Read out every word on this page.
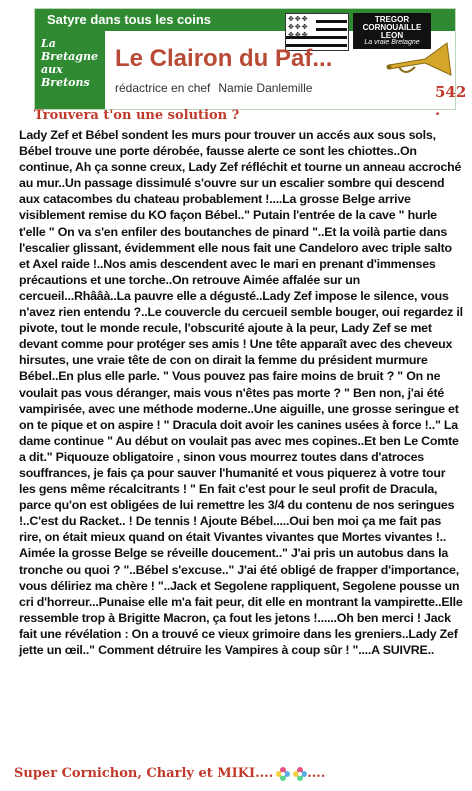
Satyre dans tous les coins
La
Bretagne
aux
Bretons
✥✥✥
✥✥✥

TREGOR
CORNOUAILLE
LEON
La vraie Bretagne
Le Clairon du Paf...
rédactrice en chef Namie Danlemille	542 .
Trouvera t'on une solution ?
Lady Zef et Bébel sondent les murs pour trouver un accés aux sous sols, Bébel trouve une porte dérobée, fausse alerte ce sont les chiottes..On continue, Ah ça sonne creux, Lady Zef réfléchit et tourne un anneau accroché au mur..Un passage dissimulé s'ouvre sur un escalier sombre qui descend aux catacombes du chateau probablement !....La grosse Belge arrive visiblement remise du KO façon Bébel.." Putain l'entrée de la cave " hurle t'elle " On va s'en enfiler des boutanches de pinard "..Et la voilà partie dans l'escalier glissant, évidemment elle nous fait une Candeloro avec triple salto et Axel raide !..Nos amis descendent avec le mari en prenant d'immenses précautions et une torche..On retrouve Aimée affalée sur un cercueil...Rhââà..La pauvre elle a dégusté..Lady Zef impose le silence, vous n'avez rien entendu ?..Le couvercle du cercueil semble bouger, oui regardez il pivote, tout le monde recule, l'obscurité ajoute à la peur, Lady Zef se met devant comme pour protéger ses amis ! Une tête apparaît avec des cheveux hirsutes, une vraie tête de con on dirait la femme du président murmure Bébel..En plus elle parle. " Vous pouvez pas faire moins de bruit ? " On ne voulait pas vous déranger, mais vous n'êtes pas morte ? " Ben non, j'ai été vampirisée, avec une méthode moderne..Une aiguille, une grosse seringue et on te pique et on aspire ! " Dracula doit avoir les canines usées à force !.." La dame continue " Au début on voulait pas avec mes copines..Et ben Le Comte a dit." Piquouze obligatoire , sinon vous mourrez toutes dans d'atroces souffrances, je fais ça pour sauver l'humanité et vous piquerez à votre tour les gens même récalcitrants ! " En fait c'est pour le seul profit de Dracula, parce qu'on est obligées de lui remettre les 3/4 du contenu de nos seringues !..C'est du Racket.. ! De tennis ! Ajoute Bébel.....Oui ben moi ça me fait pas rire, on était mieux quand on était Vivantes vivantes que Mortes vivantes !.. Aimée la grosse Belge se réveille doucement.." J'ai pris un autobus dans la tronche ou quoi ? "..Bébel s'excuse.." J'ai été obligé de frapper d'importance, vous déliriez ma chère ! "..Jack et Segolene rappliquent, Segolene pousse un cri d'horreur...Punaise elle m'a fait peur, dit elle en montrant la vampirette..Elle ressemble trop à Brigitte Macron, ça fout les jetons !......Oh ben merci ! Jack fait une révélation : On a trouvé ce vieux grimoire dans les greniers..Lady Zef jette un œil.." Comment détruire les Vampires à coup sûr ! "....A SUIVRE..
Super Cornichon, Charly et MIKI....	....
